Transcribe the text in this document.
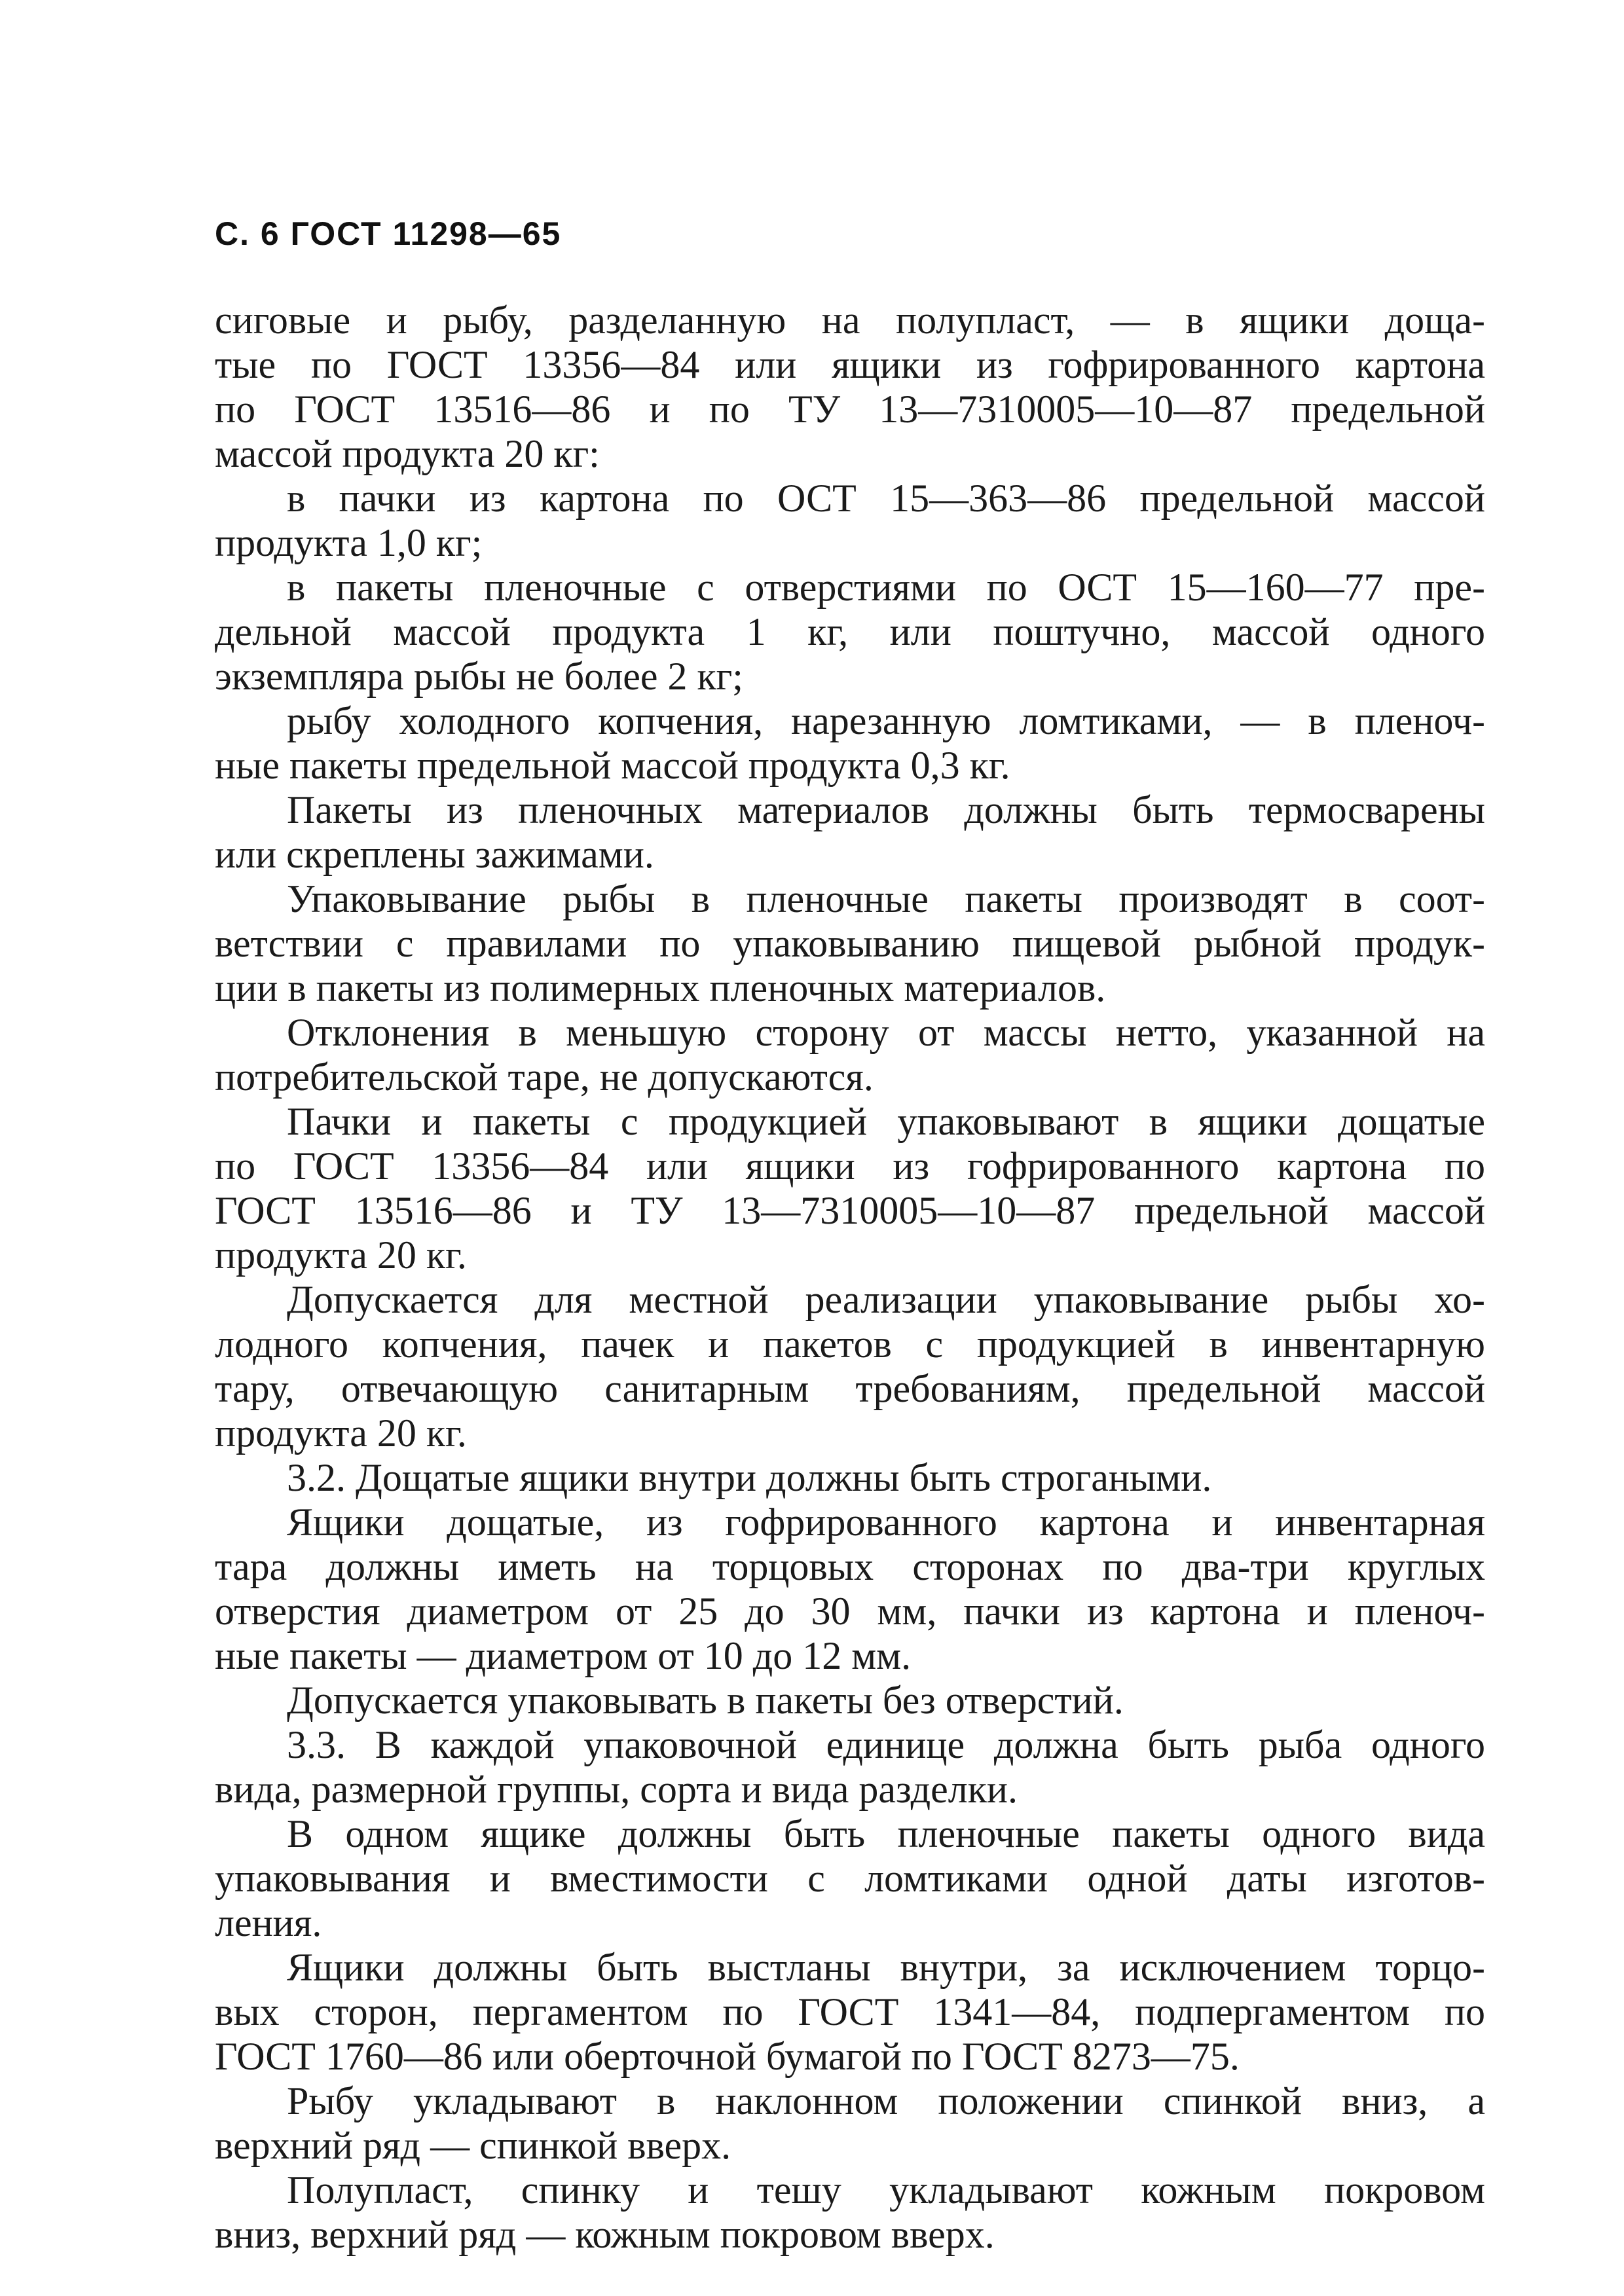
С. 6 ГОСТ 11298—65
сиговые и рыбу, разделанную на полупласт, — в ящики доща-
тые по ГОСТ 13356—84 или ящики из гофрированного картона
по ГОСТ 13516—86 и по ТУ 13—7310005—10—87 предельной
массой продукта 20 кг:
в пачки из картона по ОСТ 15—363—86 предельной массой
продукта 1,0 кг;
в пакеты пленочные с отверстиями по ОСТ 15—160—77 пре-
дельной массой продукта 1 кг, или поштучно, массой одного
экземпляра рыбы не более 2 кг;
рыбу холодного копчения, нарезанную ломтиками, — в пленоч-
ные пакеты предельной массой продукта 0,3 кг.
Пакеты из пленочных материалов должны быть термосварены
или скреплены зажимами.
Упаковывание рыбы в пленочные пакеты производят в соот-
ветствии с правилами по упаковыванию пищевой рыбной продук-
ции в пакеты из полимерных пленочных материалов.
Отклонения в меньшую сторону от массы нетто, указанной на
потребительской таре, не допускаются.
Пачки и пакеты с продукцией упаковывают в ящики дощатые
по ГОСТ 13356—84 или ящики из гофрированного картона по
ГОСТ 13516—86 и ТУ 13—7310005—10—87 предельной массой
продукта 20 кг.
Допускается для местной реализации упаковывание рыбы хо-
лодного копчения, пачек и пакетов с продукцией в инвентарную
тару, отвечающую санитарным требованиям, предельной массой
продукта 20 кг.
3.2. Дощатые ящики внутри должны быть строгаными.
Ящики дощатые, из гофрированного картона и инвентарная
тара должны иметь на торцовых сторонах по два-три круглых
отверстия диаметром от 25 до 30 мм, пачки из картона и пленоч-
ные пакеты — диаметром от 10 до 12 мм.
Допускается упаковывать в пакеты без отверстий.
3.3. В каждой упаковочной единице должна быть рыба одного
вида, размерной группы, сорта и вида разделки.
В одном ящике должны быть пленочные пакеты одного вида
упаковывания и вместимости с ломтиками одной даты изготов-
ления.
Ящики должны быть выстланы внутри, за исключением торцо-
вых сторон, пергаментом по ГОСТ 1341—84, подпергаментом по
ГОСТ 1760—86 или оберточной бумагой по ГОСТ 8273—75.
Рыбу укладывают в наклонном положении спинкой вниз, а
верхний ряд — спинкой вверх.
Полупласт, спинку и тешу укладывают кожным покровом
вниз, верхний ряд — кожным покровом вверх.
